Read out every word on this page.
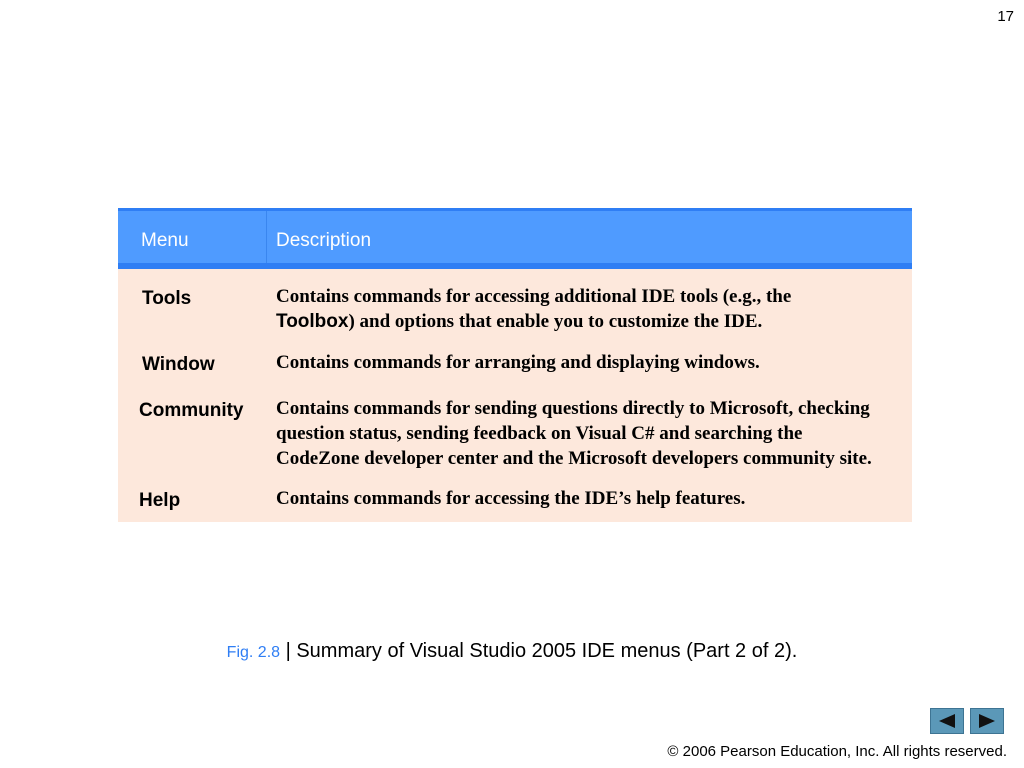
17
Menu	Description
Tools	Contains commands for accessing additional IDE tools (e.g., the
Toolbox) and options that enable you to customize the IDE.
Window	Contains commands for arranging and displaying windows.
Community	Contains commands for sending questions directly to Microsoft, checking
question status, sending feedback on Visual C# and searching the
CodeZone developer center and the Microsoft developers community site.
Help	Contains commands for accessing the IDE’s help features.
Fig. 2.8 | Summary of Visual Studio 2005 IDE menus (Part 2 of 2).
© 2006 Pearson Education, Inc. All rights reserved.
